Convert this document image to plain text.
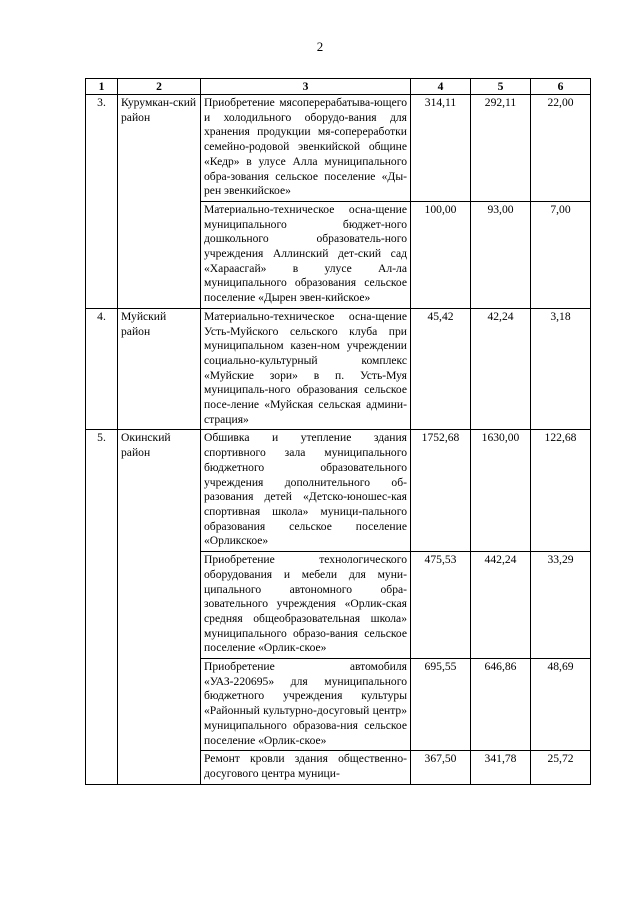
2
1	2	3	4	5	6
3.	Курумкан-ский район	Приобретение мясоперерабатыва-ющего и холодильного оборудо-вания для хранения продукции мя-сопереработки семейно-родовой эвенкийской общине «Кедр» в улусе Алла муниципального обра-зования сельское поселение «Ды-рен эвенкийское»	314,11	292,11	22,00
		Материально-техническое осна-щение муниципального бюджет-ного дошкольного образователь-ного учреждения Аллинский дет-ский сад «Хараасгай» в улусе Ал-ла муниципального образования сельское поселение «Дырен эвен-кийское»	100,00	93,00	7,00
4.	Муйский район	Материально-техническое осна-щение Усть-Муйского сельского клуба при муниципальном казен-ном учреждении социально-культурный комплекс «Муйские зори» в п. Усть-Муя муниципаль-ного образования сельское посе-ление «Муйская сельская админи-страция»	45,42	42,24	3,18
5.	Окинский район	Обшивка и утепление здания спортивного зала муниципального бюджетного образовательного учреждения дополнительного об-разования детей «Детско-юношес-кая спортивная школа» муници-пального образования сельское поселение «Орликское»	1752,68	1630,00	122,68
		Приобретение технологического оборудования и мебели для муни-ципального автономного обра-зовательного учреждения «Орлик-ская средняя общеобразовательная школа» муниципального образо-вания сельское поселение «Орлик-ское»	475,53	442,24	33,29
		Приобретение автомобиля «УАЗ-220695» для муниципального бюджетного учреждения культуры «Районный культурно-досуговый центр» муниципального образова-ния сельское поселение «Орлик-ское»	695,55	646,86	48,69
		Ремонт кровли здания общественно-досугового центра муници-	367,50	341,78	25,72
